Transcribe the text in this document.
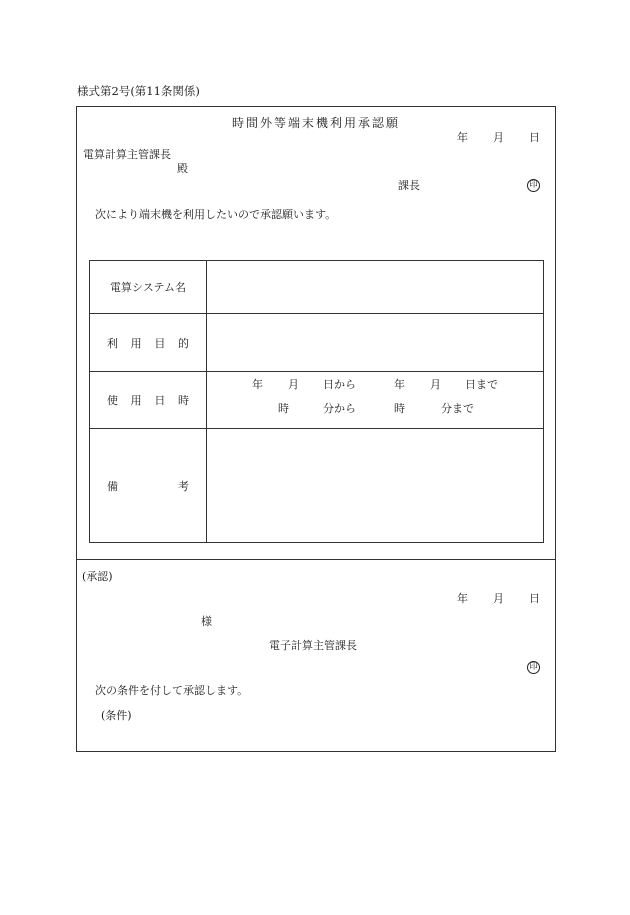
様式第2号(第11条関係)
時間外等端末機利用承認願
年 月 日
電算計算主管課長
殿
課長	印
次により端末機を利用したいので承認願います。
電算システム名
利 用 目 的
使 用 日 時
年 月 日から	年 月 日まで
時	分から	時	分まで
備	考
(承認)
年 月 日
様
電子計算主管課長
印
次の条件を付して承認します。
(条件)
